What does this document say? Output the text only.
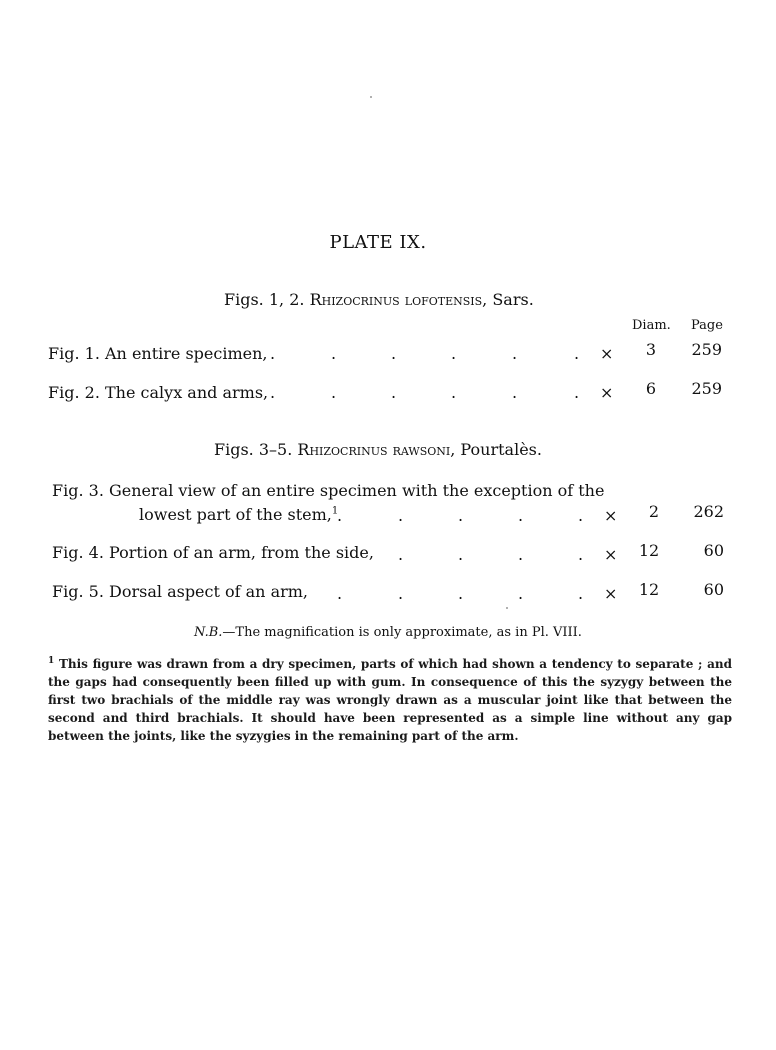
PLATE IX.
Figs. 1, 2. Rhizocrinus lofotensis, Sars.
Diam. Page
Fig. 1. An entire specimen, .	.	.	.	.	. ×	3	259
Fig. 2. The calyx and arms, .	.	.	.	.	. ×	6	259
Figs. 3–5. Rhizocrinus rawsoni, Pourtalès.
Fig. 3. General view of an entire specimen with the exception of the
lowest part of the stem,$^1$
.	.	.	.	. ×	2	262
Fig. 4. Portion of an arm, from the side, .	.	.	. ×	12	60
Fig. 5. Dorsal aspect of an arm, .	.	.	.	. ×	12	60
N.B.—The magnification is only approximate, as in Pl. VIII.
$^1$ This figure was drawn from a dry specimen, parts of which had shown a tendency to separate ; and the gaps had consequently been filled up with gum. In consequence of this the syzygy between the first two brachials of the middle ray was wrongly drawn as a muscular joint like that between the second and third brachials. It should have been represented as a simple line without any gap between the joints, like the syzygies in the remaining part of the arm.
